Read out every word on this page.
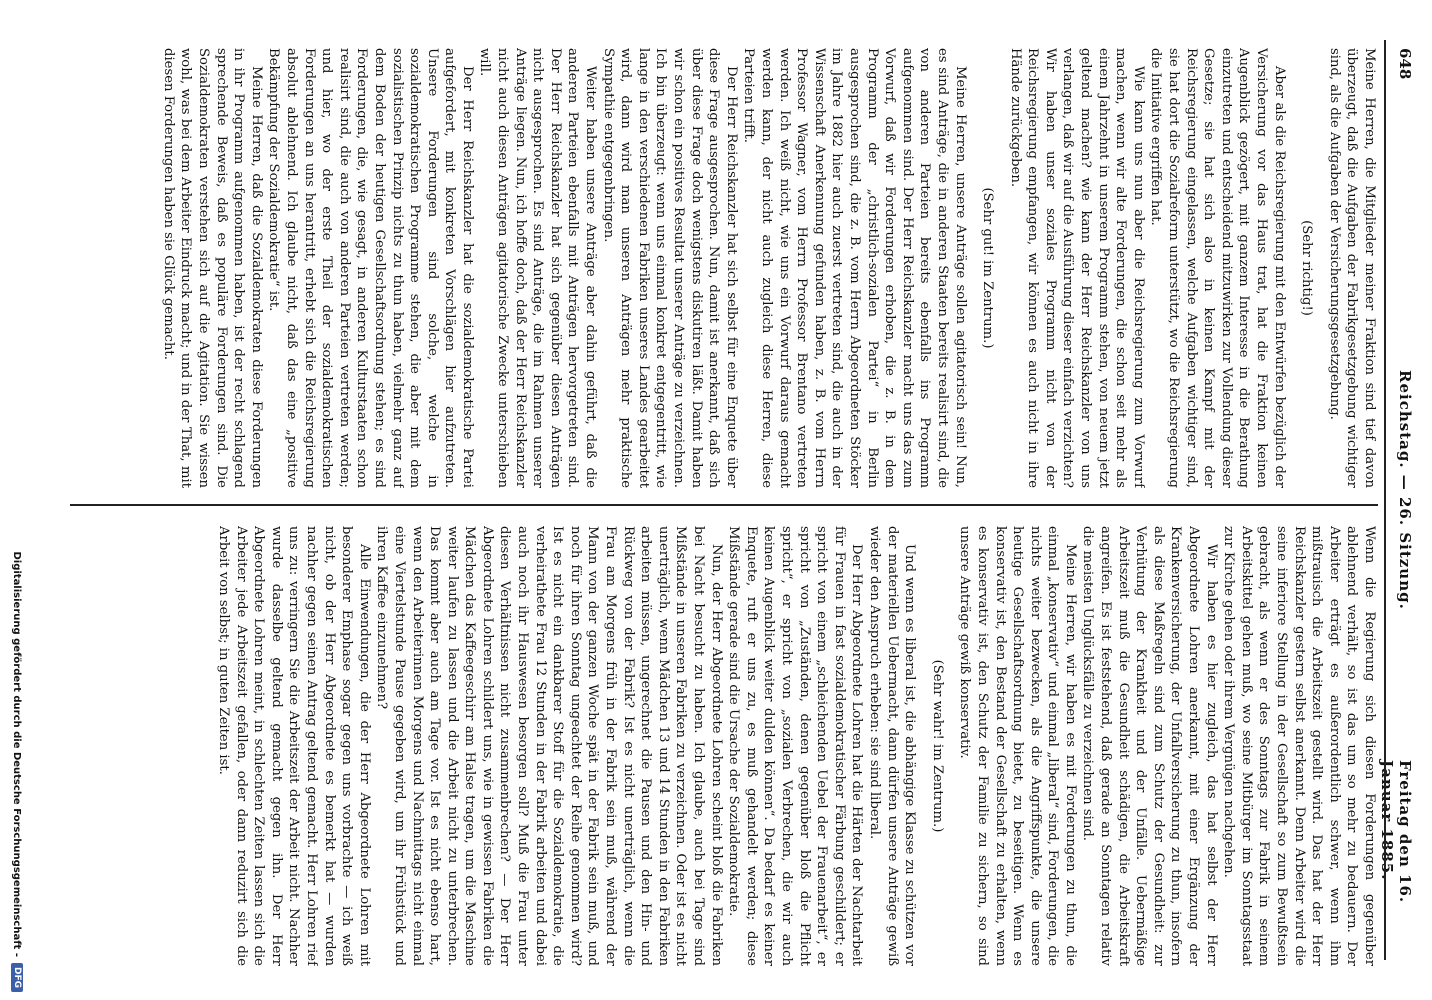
648
Reichstag. — 26. Sitzung.
Freitag den 16. Januar 1885.

Meine Herren, die Mitglieder meiner Fraktion sind tief davon überzeugt, daß die Aufgaben der Fabrikgesetzgebung wichtiger sind, als die Aufgaben der Versicherungsgesetzgebung.

(Sehr richtig!)

Aber als die Reichsregierung mit den Entwürfen bezüglich der Versicherung vor das Haus trat, hat die Fraktion keinen Augenblick gezögert, mit ganzem Interesse in die Berathung einzutreten und entscheidend mitzuwirken zur Vollendung dieser Gesetze; sie hat sich also in keinen Kampf mit der Reichsregierung eingelassen, welche Aufgaben wichtiger sind, sie hat dort die Sozialreform unterstützt, wo die Reichsregierung die Initiative ergriffen hat.

Wie kann uns nun aber die Reichsregierung zum Vorwurf machen, wenn wir alte Forderungen, die schon seit mehr als einem Jahrzehnt in unserem Programm stehen, von neuem jetzt geltend machen? wie kann der Herr Reichskanzler von uns verlangen, daß wir auf die Ausführung dieser einfach verzichten? Wir haben unser soziales Programm nicht von der Reichsregierung empfangen, wir können es auch nicht in ihre Hände zurückgeben.

(Sehr gut! im Zentrum.)

Meine Herren, unsere Anträge sollen agitatorisch sein! Nun, es sind Anträge, die in anderen Staaten bereits realisirt sind, die von anderen Parteien bereits ebenfalls ins Programm aufgenommen sind. Der Herr Reichskanzler macht uns das zum Vorwurf, daß wir Forderungen erhoben, die z. B. in dem Programm der „christlich-sozialen Partei“ in Berlin ausgesprochen sind, die z. B. vom Herrn Abgeordneten Stöcker im Jahre 1882 hier auch zuerst vertreten sind, die auch in der Wissenschaft Anerkennung gefunden haben, z. B. vom Herrn Professor Wagner, vom Herrn Professor Brentano vertreten werden. Ich weiß nicht, wie uns ein Vorwurf daraus gemacht werden kann, der nicht auch zugleich diese Herren, diese Parteien trifft.

Der Herr Reichskanzler hat sich selbst für eine Enquete über diese Frage ausgesprochen. Nun, damit ist anerkannt, daß sich über diese Frage doch wenigstens diskutiren läßt. Damit haben wir schon ein positives Resultat unserer Anträge zu verzeichnen. Ich bin überzeugt: wenn uns einmal konkret entgegentritt, wie lange in den verschiedenen Fabriken unseres Landes gearbeitet wird, dann wird man unseren Anträgen mehr praktische Sympathie entgegenbringen.

Weiter haben unsere Anträge aber dahin geführt, daß die anderen Parteien ebenfalls mit Anträgen hervorgetreten sind. Der Herr Reichskanzler hat sich gegenüber diesen Anträgen nicht ausgesprochen. Es sind Anträge, die im Rahmen unserer Anträge liegen. Nun, ich hoffe doch, daß der Herr Reichskanzler nicht auch diesen Anträgen agitatorische Zwecke unterschieben will.

Der Herr Reichskanzler hat die sozialdemokratische Partei aufgefordert, mit konkreten Vorschlägen hier aufzutreten. Unsere Forderungen sind solche, welche in sozialdemokratischen Programme stehen, die aber mit dem sozialistischen Prinzip nichts zu thun haben, vielmehr ganz auf dem Boden der heutigen Gesellschaftsordnung stehen; es sind Forderungen, die, wie gesagt, in anderen Kulturstaaten schon realisirt sind, die auch von anderen Parteien vertreten werden; und hier, wo der erste Theil der sozialdemokratischen Forderungen an uns herantritt, erhebt sich die Reichsregierung absolut ablehnend. Ich glaube nicht, daß das eine „positive Bekämpfung der Sozialdemokratie“ ist.

Meine Herren, daß die Sozialdemokraten diese Forderungen in ihr Programm aufgenommen haben, ist der recht schlagend sprechende Beweis, daß es populäre Forderungen sind. Die Sozialdemokraten verstehen sich auf die Agitation. Sie wissen wohl, was bei dem Arbeiter Eindruck macht; und in der That, mit diesen Forderungen haben sie Glück gemacht.

Wenn die Regierung sich diesen Forderungen gegenüber ablehnend verhält, so ist das um so mehr zu bedauern. Der Arbeiter erträgt es außerordentlich schwer, wenn ihm mißtrauisch die Arbeitszeit gestellt wird. Das hat der Herr Reichskanzler gestern selbst anerkannt. Denn Arbeiter wird die seine inferiore Stellung in der Gesellschaft so zum Bewußtsein gebracht, als wenn er des Sonntags zur Fabrik in seinem Arbeitskittel gehen muß, wo seine Mitbürger im Sonntagsstaat zur Kirche gehen oder ihrem Vergnügen nachgehen.

Wir haben es hier zugleich, das hat selbst der Herr Abgeordnete Lohren anerkannt, mit einer Ergänzung der Krankenversicherung, der Unfallversicherung zu thun, insofern als diese Maßregeln sind zum Schutz der Gesundheit: zur Verhütung der Krankheit und der Unfälle. Uebermäßige Arbeitszeit muß die Gesundheit schädigen, die Arbeitskraft angreifen. Es ist feststehend, daß gerade an Sonntagen relativ die meisten Unglücksfälle zu verzeichnen sind.

Meine Herren, wir haben es mit Forderungen zu thun, die einmal „konservativ“ und einmal „liberal“ sind, Forderungen, die nichts weiter bezwecken, als die Angriffspunkte, die unsere heutige Gesellschaftsordnung bietet, zu beseitigen. Wenn es konservativ ist, den Bestand der Gesellschaft zu erhalten, wenn es konservativ ist, den Schutz der Familie zu sichern, so sind unsere Anträge gewiß konservativ.

(Sehr wahr! im Zentrum.)

Und wenn es liberal ist, die abhängige Klasse zu schützen vor der materiellen Uebermacht, dann dürfen unsere Anträge gewiß wieder den Anspruch erheben: sie sind liberal.

Der Herr Abgeordnete Lohren hat die Härten der Nachtarbeit für Frauen in fast sozialdemokratischer Färbung geschildert; er spricht von einem „schleichenden Uebel der Frauenarbeit“, er spricht von „Zuständen, denen gegenüber bloß die Pflicht spricht“, er spricht von „sozialen Verbrechen, die wir auch keinen Augenblick weiter dulden können“. Da bedarf es keiner Enquete, ruft er uns zu, es muß gehandelt werden; diese Mißstände gerade sind die Ursache der Sozialdemokratie.

Nun, der Herr Abgeordnete Lohren scheint bloß die Fabriken bei Nacht besucht zu haben. Ich glaube, auch bei Tage sind Mißstände in unseren Fabriken zu verzeichnen. Oder ist es nicht unerträglich, wenn Mädchen 13 und 14 Stunden in den Fabriken arbeiten müssen, ungerechnet die Pausen und den Hin- und Rückweg von der Fabrik? Ist es nicht unerträglich, wenn die Frau am Morgens früh in der Fabrik sein muß, während der Mann von der ganzen Woche spät in der Fabrik sein muß, und noch für ihren Sonntag ungeachtet der Reihe genommen wird? Ist es nicht ein dankbarer Stoff für die Sozialdemokratie, die verheirathete Frau 12 Stunden in der Fabrik arbeiten und dabei auch noch ihr Hauswesen besorgen soll? Muß die Frau unter diesen Verhältnissen nicht zusammenbrechen? — Der Herr Abgeordnete Lohren schildert uns, wie in gewissen Fabriken die Mädchen das Kaffeegeschirr am Halse tragen, um die Maschine weiter laufen zu lassen und die Arbeit nicht zu unterbrechen. Das kommt aber auch am Tage vor. Ist es nicht ebenso hart, wenn den Arbeiterinnen Morgens und Nachmittags nicht einmal eine Viertelstunde Pause gegeben wird, um ihr Frühstück und ihren Kaffee einzunehmen?

Alle Einwendungen, die der Herr Abgeordnete Lohren mit besonderer Emphase sogar gegen uns vorbrachte — ich weiß nicht, ob der Herr Abgeordnete es bemerkt hat — wurden nachher gegen seinen Antrag geltend gemacht. Herr Lohren rief uns zu: verringern Sie die Arbeitszeit der Arbeit nicht. Nachher wurde dasselbe geltend gemacht gegen ihn. Der Herr Abgeordnete Lohren meint, in schlechten Zeiten lassen sich die Arbeiter jede Arbeitszeit gefallen, oder dann reduzirt sich die Arbeit von selbst; in guten Zeiten ist.

Digitalisierung gefördert durch die Deutsche Forschungsgemeinschaft -
DFG
